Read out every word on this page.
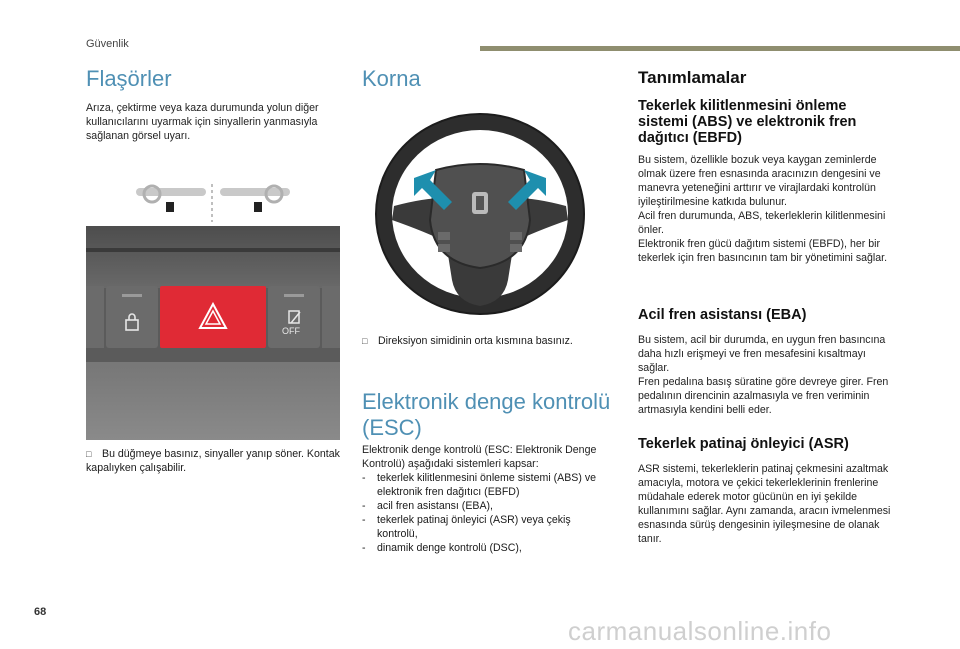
Güvenlik
Flaşörler

Arıza, çektirme veya kaza durumunda yolun diğer kullanıcılarını uyarmak için sinyallerin yanmasıyla sağlanan görsel uyarı.

OFF
□ Bu düğmeye basınız, sinyaller yanıp söner. Kontak kapalıyken çalışabilir.
Korna
□ Direksiyon simidinin orta kısmına basınız.
Elektronik denge kontrolü
(ESC)

Elektronik denge kontrolü (ESC: Elektronik Denge Kontrolü) aşağıdaki sistemleri kapsar:

- tekerlek kilitlenmesini önleme sistemi (ABS) ve elektronik fren dağıtıcı (EBFD)
- acil fren asistansı (EBA),
- tekerlek patinaj önleyici (ASR) veya çekiş kontrolü,
- dinamik denge kontrolü (DSC),
Tanımlamalar
Tekerlek kilitlenmesini önleme sistemi (ABS) ve elektronik fren dağıtıcı (EBFD)

Bu sistem, özellikle bozuk veya kaygan zeminlerde olmak üzere fren esnasında aracınızın dengesini ve manevra yeteneğini arttırır ve virajlardaki kontrolün iyileştirilmesine katkıda bulunur.
Acil fren durumunda, ABS, tekerleklerin kilitlenmesini önler.
Elektronik fren gücü dağıtım sistemi (EBFD), her bir tekerlek için fren basıncının tam bir yönetimini sağlar.

Acil fren asistansı (EBA)

Bu sistem, acil bir durumda, en uygun fren basıncına daha hızlı erişmeyi ve fren mesafesini kısaltmayı sağlar.
Fren pedalına basış süratine göre devreye girer. Fren pedalının direncinin azalmasıyla ve fren veriminin artmasıyla kendini belli eder.

Tekerlek patinaj önleyici (ASR)

ASR sistemi, tekerleklerin patinaj çekmesini azaltmak amacıyla, motora ve çekici tekerleklerinin frenlerine müdahale ederek motor gücünün en iyi şekilde kullanımını sağlar. Aynı zamanda, aracın ivmelenmesi esnasında sürüş dengesinin iyileşmesine de olanak tanır.

68
carmanualsonline.info
